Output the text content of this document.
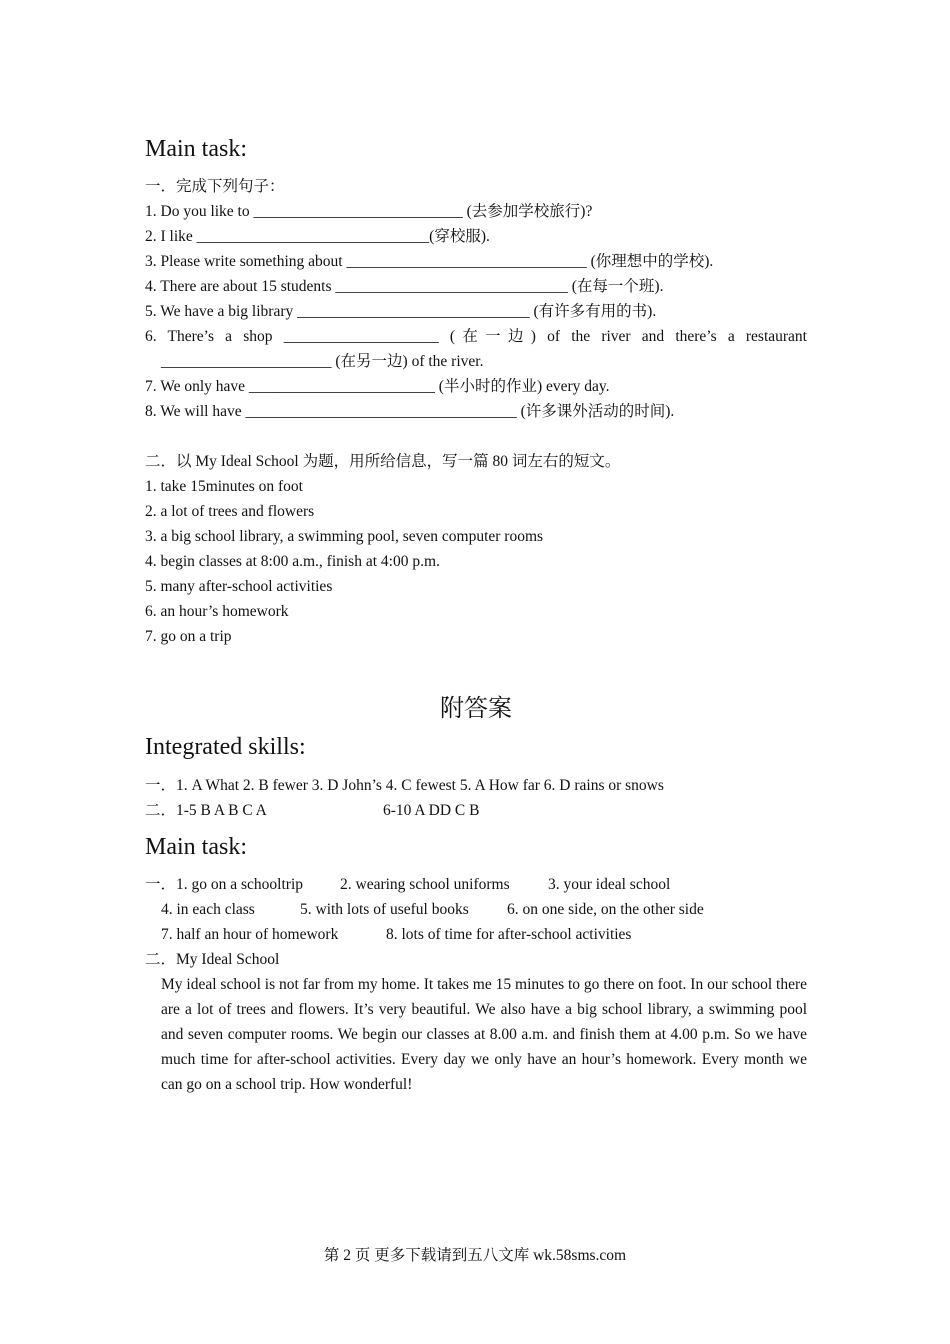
Main task:
一．完成下列句子：
1. Do you like to ___________________________ (去参加学校旅行)?
2. I like ______________________________(穿校服).
3. Please write something about _______________________________ (你理想中的学校).
4. There are about 15 students ______________________________ (在每一个班).
5. We have a big library ______________________________ (有许多有用的书).
6. There’s a shop ____________________ (在一边) of the river and there’s a restaurant
______________________ (在另一边) of the river.
7. We only have ________________________ (半小时的作业) every day.
8. We will have ___________________________________ (许多课外活动的时间).
二．以 My Ideal School 为题，用所给信息，写一篇 80 词左右的短文。
1. take 15minutes on foot
2. a lot of trees and flowers
3. a big school library, a swimming pool, seven computer rooms
4. begin classes at 8:00 a.m., finish at 4:00 p.m.
5. many after-school activities
6. an hour’s homework
7. go on a trip
附答案
Integrated skills:
一．1. A What 2. B fewer 3. D John’s 4. C fewest 5. A How far 6. D rains or snows
二．1-5 B A B C A	6-10 A DD C B
Main task:
一．1. go on a schooltrip 2. wearing school uniforms 3. your ideal school
4. in each class	5. with lots of useful books 6. on one side, on the other side
7. half an hour of homework	8. lots of time for after-school activities
二．My Ideal School
My ideal school is not far from my home. It takes me 15 minutes to go there on foot. In our school there are a lot of trees and flowers. It’s very beautiful. We also have a big school library, a swimming pool and seven computer rooms. We begin our classes at 8.00 a.m. and finish them at 4.00 p.m. So we have much time for after-school activities. Every day we only have an hour’s homework. Every month we can go on a school trip. How wonderful!
第 2 页 更多下载请到五八文库 wk.58sms.com
